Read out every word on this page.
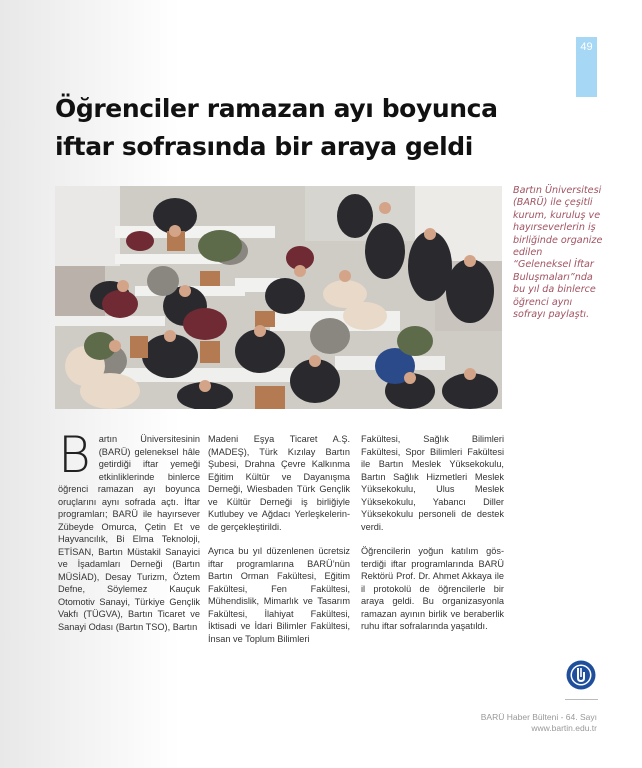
49
Öğrenciler ramazan ayı boyunca
iftar sofrasında bir araya geldi
Bartın Üniversitesi (BARÜ) ile çeşitli kurum, kuruluş ve hayırseverlerin iş birliğinde organize edilen “Geleneksel İftar Buluşmaları”nda bu yıl da binlerce öğrenci aynı sofrayı paylaştı.
B artın Üniversitesinin (BARÜ) geleneksel hâle getirdiği iftar yemeği etkinliklerinde binlerce öğrenci ramazan ayı boyunca oruçlarını aynı sofrada açtı. İftar programları; BARÜ ile hayırsever Zübeyde Omurca, Çetin Et ve Hayvancılık, Bi Elma Teknoloji, ETİSAN, Bartın Müstakil Sanayici ve İşadamları Derneği (Bartın MÜSİAD), Desay Turizm, Öztem Defne, Söylemez Kauçuk Otomotiv Sanayi, Türkiye Gençlik Vakfı (TÜGVA), Bartın Ticaret ve Sanayi Odası (Bartın TSO), Bartın

Madeni Eşya Ticaret A.Ş. (MADEŞ), Türk Kızılay Bartın Şubesi, Drahna Çevre Kalkınma Eğitim Kültür ve Dayanışma Derneği, Wiesbaden Türk Gençlik ve Kültür Derneği iş birliğiyle Kutlubey ve Ağdacı Yerleşkelerinde gerçekleştirildi.

Ayrıca bu yıl düzenlenen ücretsiz iftar programlarına BARÜ’nün Bartın Orman Fakültesi, Eğitim Fakültesi, Fen Fakültesi, Mühendislik, Mimarlık ve Tasarım Fakültesi, İlahiyat Fakültesi, İktisadi ve İdari Bilimler Fakültesi, İnsan ve Toplum Bilimleri

Fakültesi, Sağlık Bilimleri Fakültesi, Spor Bilimleri Fakültesi ile Bartın Meslek Yüksekokulu, Bartın Sağlık Hizmetleri Meslek Yüksekokulu, Ulus Meslek Yüksekokulu, Yabancı Diller Yüksekokulu personeli de destek verdi.

Öğrencilerin yoğun katılım gösterdiği iftar programlarında BARÜ Rektörü Prof. Dr. Ahmet Akkaya ile il protokolü de öğrencilerle bir araya geldi. Bu organizasyonla ramazan ayının birlik ve beraberlik ruhu iftar sofralarında yaşatıldı.

BARÜ Haber Bülteni - 64. Sayı
www.bartin.edu.tr
